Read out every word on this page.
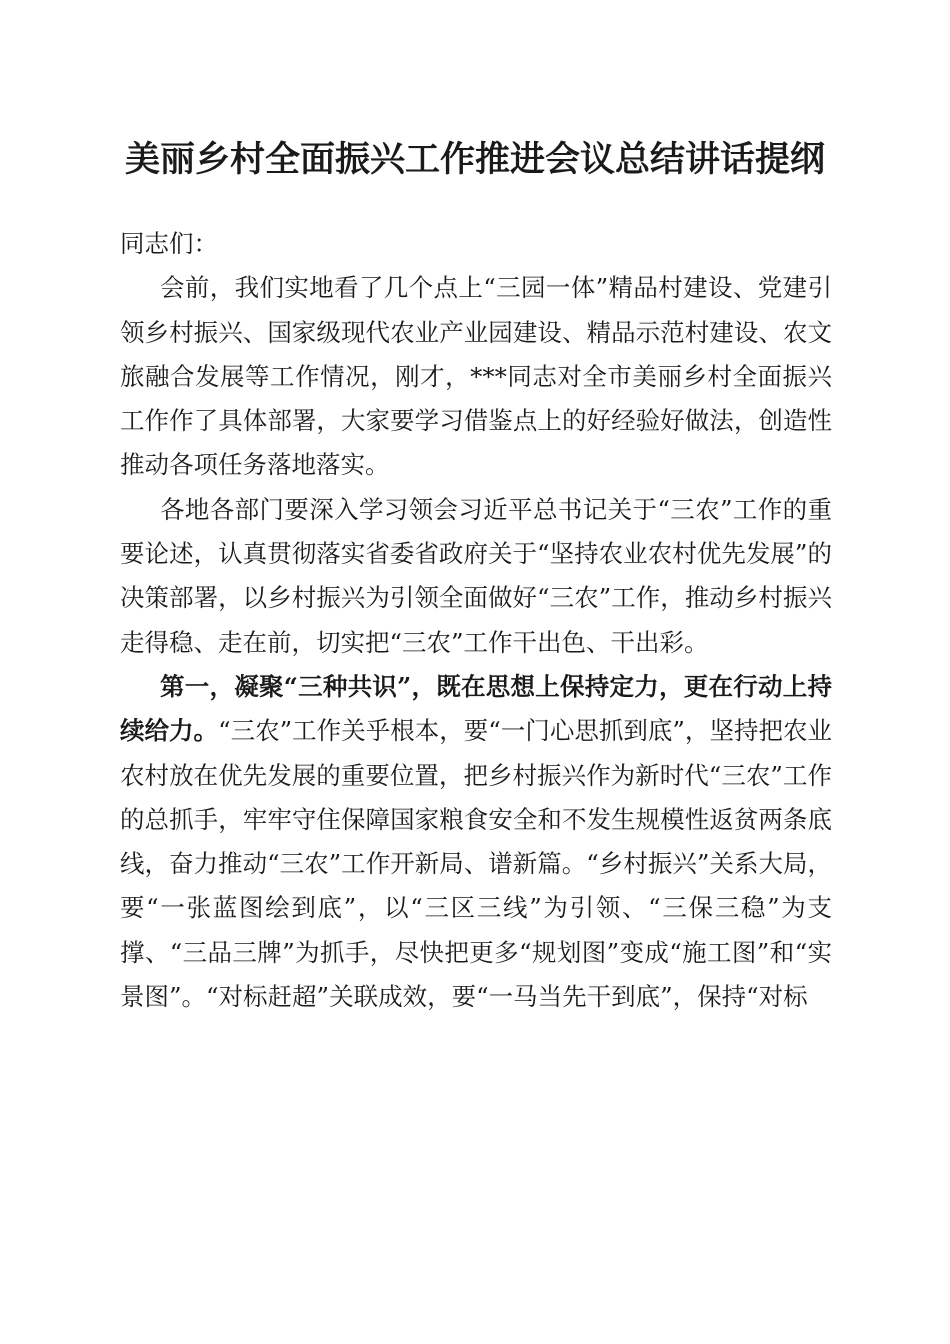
美丽乡村全面振兴工作推进会议总结讲话提纲

同志们：

会前，我们实地看了几个点上“三园一体”精品村建设、党建引领乡村振兴、国家级现代农业产业园建设、精品示范村建设、农文旅融合发展等工作情况，刚才，***同志对全市美丽乡村全面振兴工作作了具体部署，大家要学习借鉴点上的好经验好做法，创造性推动各项任务落地落实。

各地各部门要深入学习领会习近平总书记关于“三农”工作的重要论述，认真贯彻落实省委省政府关于“坚持农业农村优先发展”的决策部署，以乡村振兴为引领全面做好“三农”工作，推动乡村振兴走得稳、走在前，切实把“三农”工作干出色、干出彩。

第一，凝聚“三种共识”，既在思想上保持定力，更在行动上持续给力。“三农”工作关乎根本，要“一门心思抓到底”，坚持把农业农村放在优先发展的重要位置，把乡村振兴作为新时代“三农”工作的总抓手，牢牢守住保障国家粮食安全和不发生规模性返贫两条底线，奋力推动“三农”工作开新局、谱新篇。“乡村振兴”关系大局，要“一张蓝图绘到底”，以“三区三线”为引领、“三保三稳”为支撑、“三品三牌”为抓手，尽快把更多“规划图”变成“施工图”和“实景图”。“对标赶超”关联成效，要“一马当先干到底”，保持“对标
